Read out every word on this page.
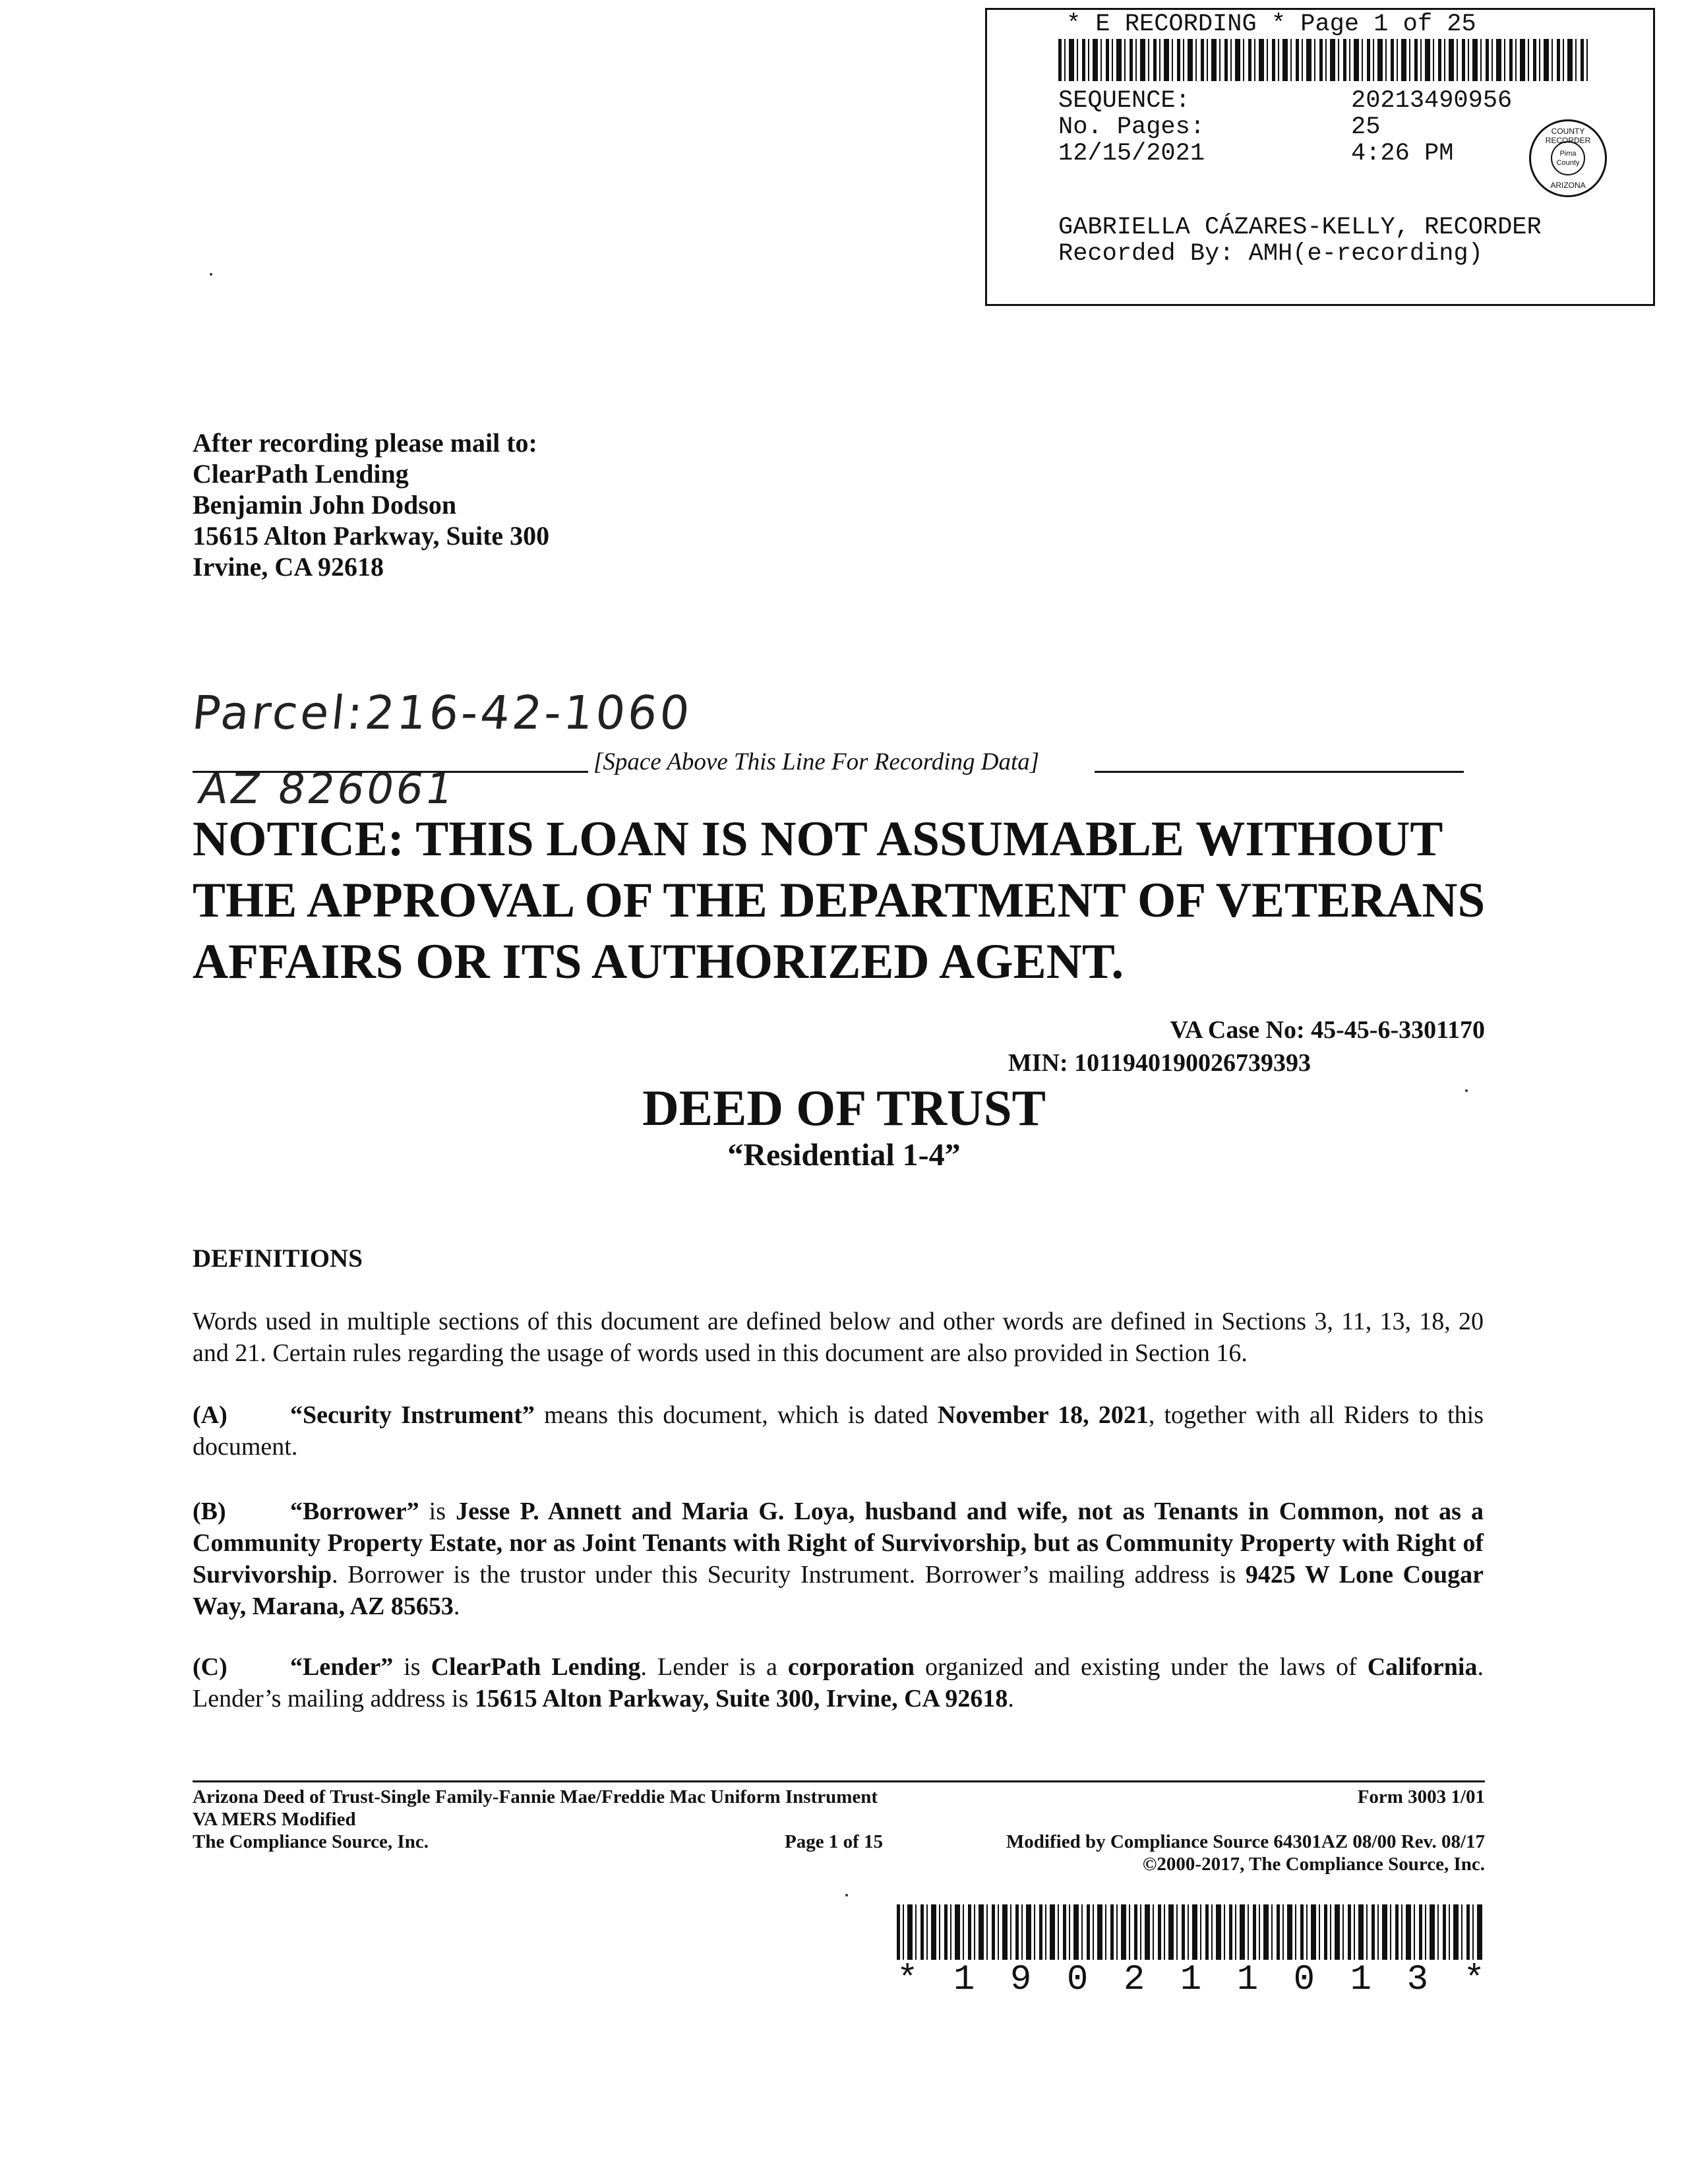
* E RECORDING * Page 1 of 25
SEQUENCE:	20213490956
No. Pages:	25
12/15/2021	4:26 PM
COUNTY RECORDER
Pima County
ARIZONA
GABRIELLA CÁZARES-KELLY, RECORDER
Recorded By: AMH(e-recording)
After recording please mail to:
ClearPath Lending
Benjamin John Dodson
15615 Alton Parkway, Suite 300
Irvine, CA 92618
Parcel:216-42-1060
AZ 826061
[Space Above This Line For Recording Data]
NOTICE: THIS LOAN IS NOT ASSUMABLE WITHOUT THE APPROVAL OF THE DEPARTMENT OF VETERANS AFFAIRS OR ITS AUTHORIZED AGENT.
VA Case No: 45-45-6-3301170
MIN: 1011940190026739393
DEED OF TRUST
“Residential 1-4”
DEFINITIONS
Words used in multiple sections of this document are defined below and other words are defined in Sections 3, 11, 13, 18, 20 and 21. Certain rules regarding the usage of words used in this document are also provided in Section 16.
(A)	“Security Instrument” means this document, which is dated November 18, 2021, together with all Riders to this document.
(B)	“Borrower” is Jesse P. Annett and Maria G. Loya, husband and wife, not as Tenants in Common, not as a Community Property Estate, nor as Joint Tenants with Right of Survivorship, but as Community Property with Right of Survivorship. Borrower is the trustor under this Security Instrument. Borrower’s mailing address is 9425 W Lone Cougar Way, Marana, AZ 85653.
(C)	“Lender” is ClearPath Lending. Lender is a corporation organized and existing under the laws of California. Lender’s mailing address is 15615 Alton Parkway, Suite 300, Irvine, CA 92618.
Arizona Deed of Trust-Single Family-Fannie Mae/Freddie Mac Uniform Instrument
VA MERS Modified
The Compliance Source, Inc.
Form 3003 1/01
Page 1 of 15	Modified by Compliance Source 64301AZ 08/00 Rev. 08/17
©2000-2017, The Compliance Source, Inc.
* 1 9 0 2 1 1 0 1 3 *
